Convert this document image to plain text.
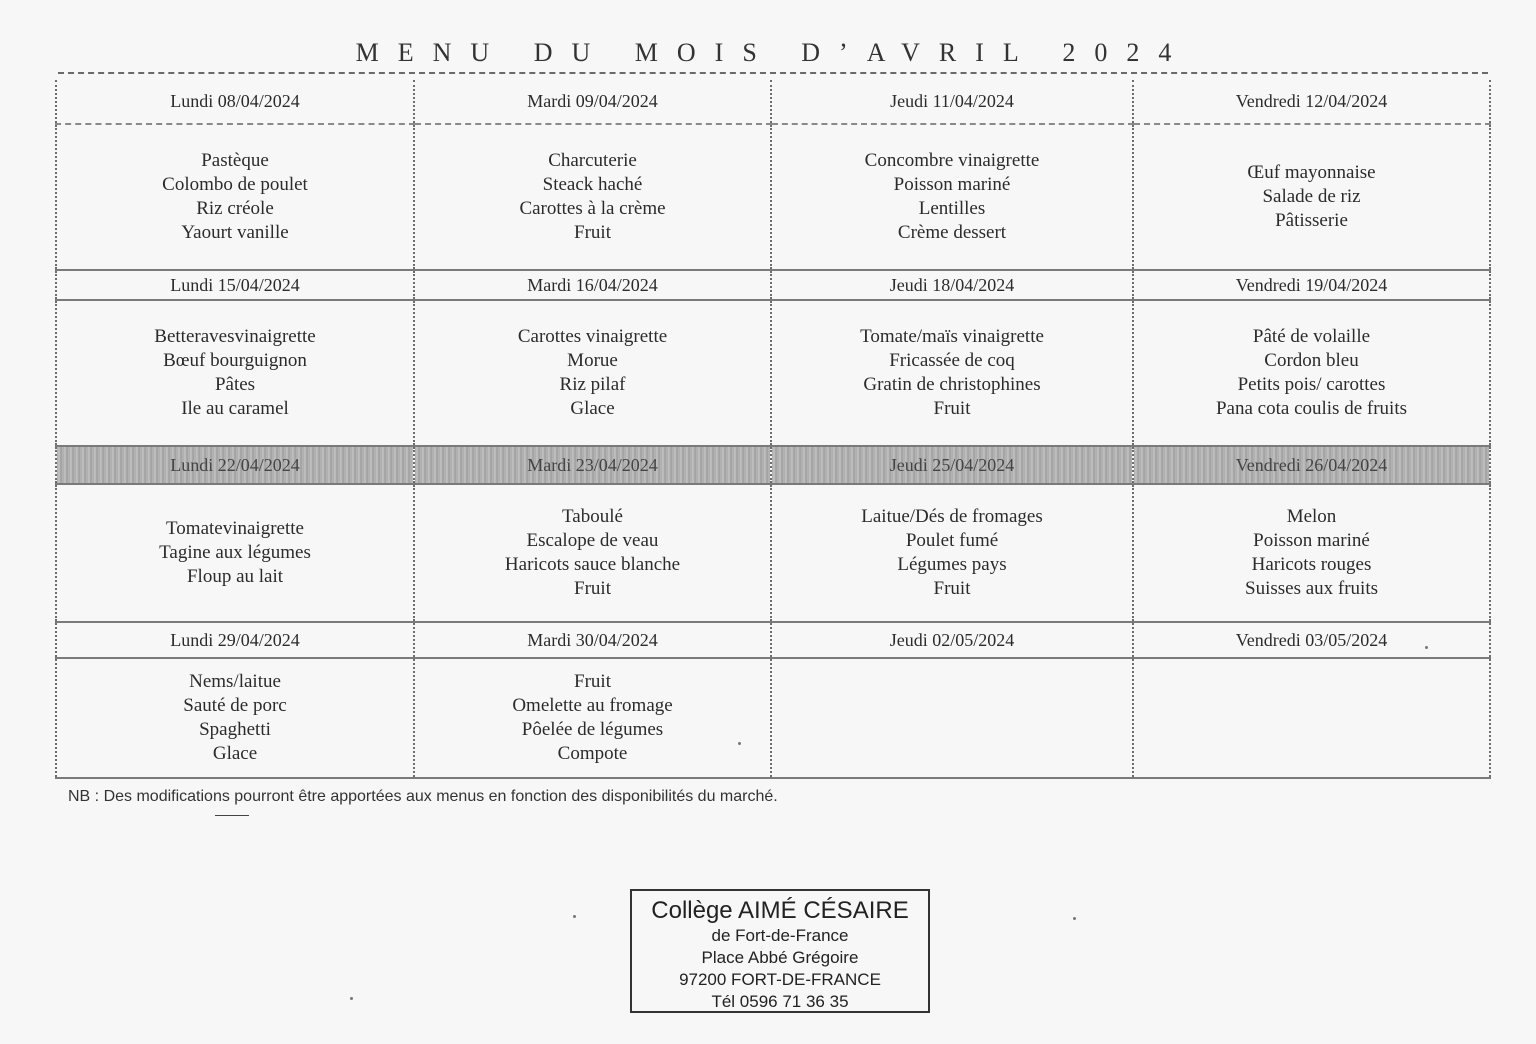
MENU DU MOIS D’AVRIL 2024
Lundi 08/04/2024	Mardi 09/04/2024	Jeudi 11/04/2024	Vendredi 12/04/2024

Pastèque
Colombo de poulet
Riz créole
Yaourt vanille	Charcuterie
Steack haché
Carottes à la crème
Fruit	Concombre vinaigrette
Poisson mariné
Lentilles
Crème dessert	Œuf mayonnaise
Salade de riz
Pâtisserie

Lundi 15/04/2024	Mardi 16/04/2024	Jeudi 18/04/2024	Vendredi 19/04/2024

Betteravesvinaigrette
Bœuf bourguignon
Pâtes
Ile au caramel	Carottes vinaigrette
Morue
Riz pilaf
Glace	Tomate/maïs vinaigrette
Fricassée de coq
Gratin de christophines
Fruit	Pâté de volaille
Cordon bleu
Petits pois/ carottes
Pana cota coulis de fruits

Lundi 22/04/2024	Mardi 23/04/2024	Jeudi 25/04/2024	Vendredi 26/04/2024

Tomatevinaigrette
Tagine aux légumes
Floup au lait	Taboulé
Escalope de veau
Haricots sauce blanche
Fruit	Laitue/Dés de fromages
Poulet fumé
Légumes pays
Fruit	Melon
Poisson mariné
Haricots rouges
Suisses aux fruits

Lundi 29/04/2024	Mardi 30/04/2024	Jeudi 02/05/2024	Vendredi 03/05/2024

Nems/laitue
Sauté de porc
Spaghetti
Glace	Fruit
Omelette au fromage
Pôelée de légumes
Compote		

NB : Des modifications pourront être apportées aux menus en fonction des disponibilités du marché.
Collège AIMÉ CÉSAIRE
de Fort-de-France
Place Abbé Grégoire
97200 FORT-DE-FRANCE
Tél 0596 71 36 35
